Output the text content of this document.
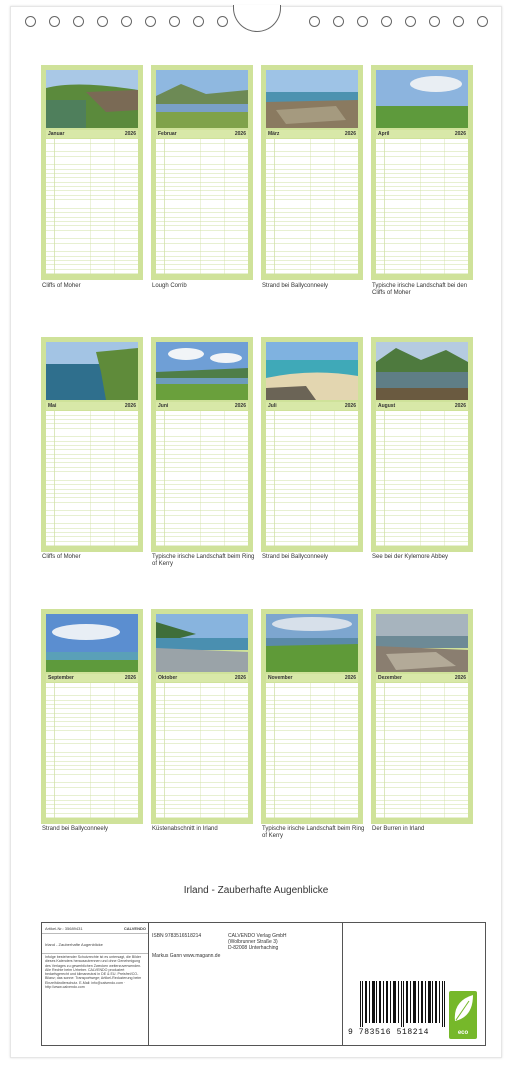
Januar	2026	Februar	2026	März	2026	April	2026
Cliffs of Moher	Lough Corrib	Strand bei Ballyconneely	Typische irische Landschaft bei den Cliffs of Moher
Mai	2026	Juni	2026	Juli	2026	August	2026
Cliffs of Moher	Typische irische Landschaft beim Ring of Kerry
Strand bei Ballyconneely	See bei der Kylemore Abbey
September	2026	Oktober	2026	November	2026	Dezember	2026
Strand bei Ballyconneely	Küstenabschnitt in Irland	Typische irische Landschaft beim Ring of Kerry
Der Burren in Irland
Irland - Zauberhafte Augenblicke
Artikel-Nr.: 35689431	CALVENDO
Irland - Zauberhafte Augenblicke
Infolge bestehender Schutzrechte ist es untersagt, die Bilder dieses Kalenders herauszutrennen und ohne Genehmigung des Verlages zu gewerblichen Zwecken weiterzuverwenden. Alle Rechte beim Urheber. CALVENDO produziert bedarfsgerecht und klimaneutral in DE & EU. Preisfrei/CO-Bilanz; das sonne: Transportwege; Artikel-Reduzierung beim Einzelhändlerschutz. E-Mail: info@calvendo.com · http://www.calvendo.com
ISBN 9783516518214
Markus Gann www.magann.de
CALVENDO Verlag GmbH
(Wolbrunner Straße 3)
D-82008 Unterhaching
9 783516 518214	eco
